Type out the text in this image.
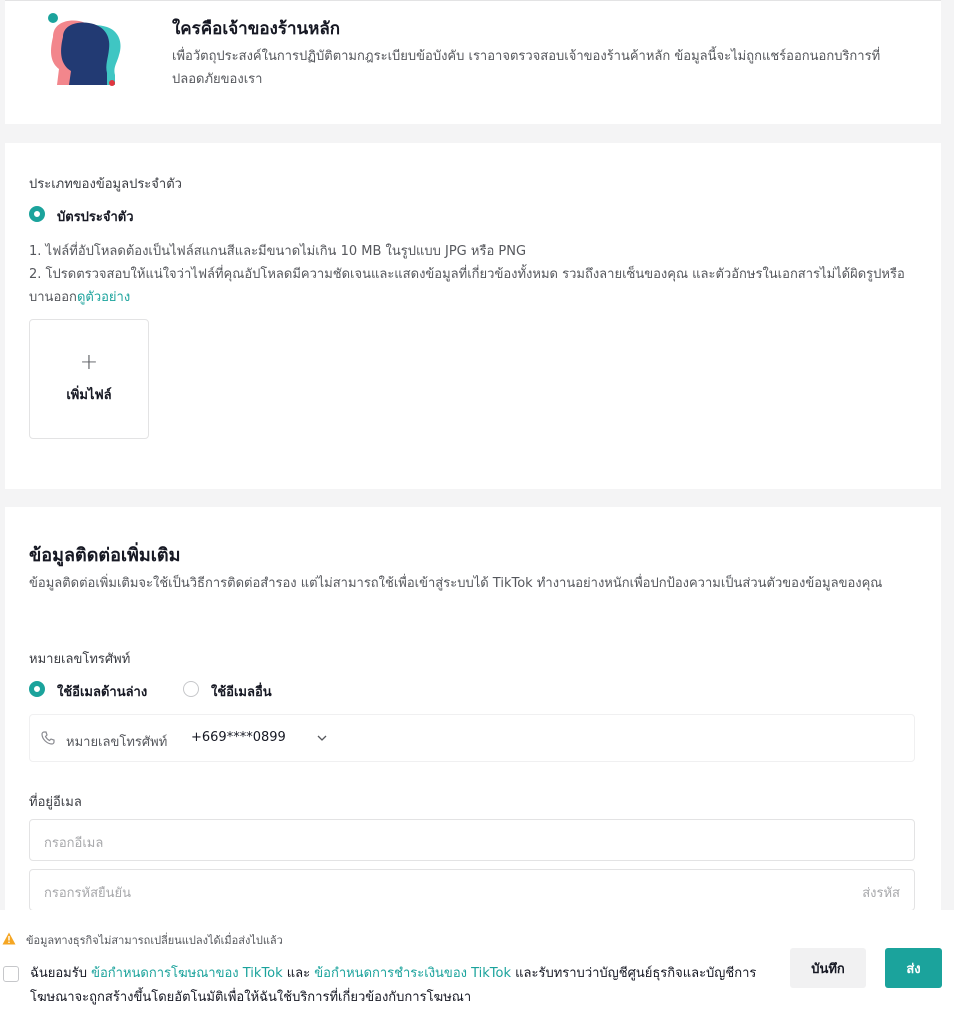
ใครคือเจ้าของร้านหลัก
เพื่อวัตถุประสงค์ในการปฏิบัติตามกฎระเบียบข้อบังคับ เราอาจตรวจสอบเจ้าของร้านค้าหลัก ข้อมูลนี้จะไม่ถูกแชร์ออกนอกบริการที่ปลอดภัยของเรา
ประเภทของข้อมูลประจำตัว
บัตรประจำตัว

1. ไฟล์ที่อัปโหลดต้องเป็นไฟล์สแกนสีและมีขนาดไม่เกิน 10 MB ในรูปแบบ JPG หรือ PNG

2. โปรดตรวจสอบให้แน่ใจว่าไฟล์ที่คุณอัปโหลดมีความชัดเจนและแสดงข้อมูลที่เกี่ยวข้องทั้งหมด รวมถึงลายเซ็นของคุณ และตัวอักษรในเอกสารไม่ได้ผิดรูปหรือบานออกดูตัวอย่าง

+
เพิ่มไฟล์
ข้อมูลติดต่อเพิ่มเติม
ข้อมูลติดต่อเพิ่มเติมจะใช้เป็นวิธีการติดต่อสำรอง แต่ไม่สามารถใช้เพื่อเข้าสู่ระบบได้ TikTok ทำงานอย่างหนักเพื่อปกป้องความเป็นส่วนตัวของข้อมูลของคุณ
หมายเลขโทรศัพท์
ใช้อีเมลด้านล่าง	ใช้อีเมลอื่น
หมายเลขโทรศัพท์ +669****0899
ที่อยู่อีเมล
กรอกอีเมล
กรอกรหัสยืนยัน	ส่งรหัส
ข้อมูลทางธุรกิจไม่สามารถเปลี่ยนแปลงได้เมื่อส่งไปแล้ว
ฉันยอมรับ ข้อกำหนดการโฆษณาของ TikTok และ ข้อกำหนดการชำระเงินของ TikTok และรับทราบว่าบัญชีศูนย์ธุรกิจและบัญชีการโฆษณาจะถูกสร้างขึ้นโดยอัตโนมัติเพื่อให้ฉันใช้บริการที่เกี่ยวข้องกับการโฆษณา
บันทึก	ส่ง
